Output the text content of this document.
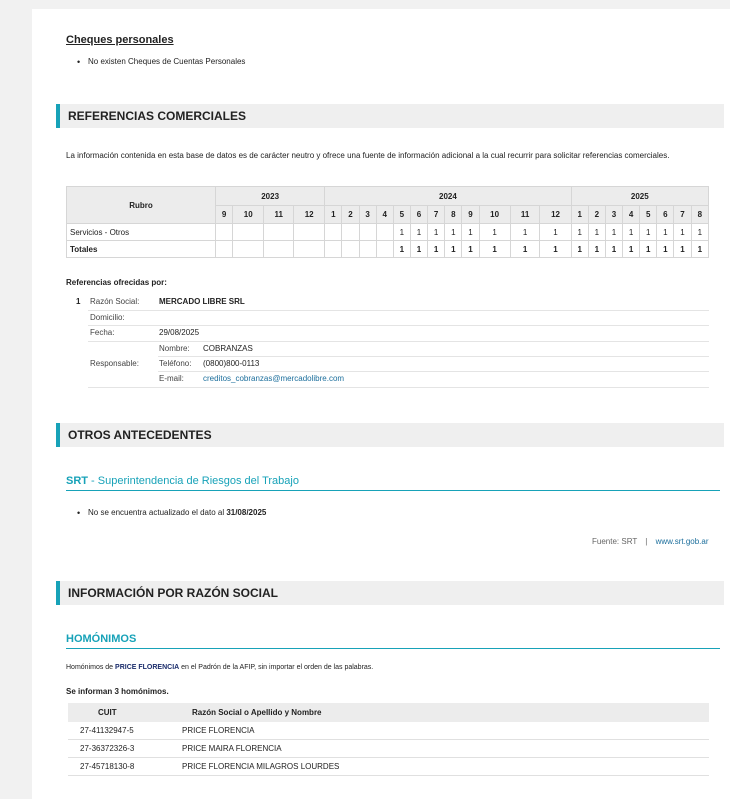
Cheques personales
• No existen Cheques de Cuentas Personales
REFERENCIAS COMERCIALES
La información contenida en esta base de datos es de carácter neutro y ofrece una fuente de información adicional a la cual recurrir para solicitar referencias comerciales.
Rubro	2023				2024												2025							
	9	10	11	12	1	2	3	4	5	6	7	8	9	10	11	12	1	2	3	4	5	6	7	8
Servicios - Otros									1	1	1	1	1	1	1	1	1	1	1	1	1	1	1	1
Totales									1	1	1	1	1	1	1	1	1	1	1	1	1	1	1	1
Referencias ofrecidas por:
1 Razón Social: MERCADO LIBRE SRL
Domicilio:
Fecha:	29/08/2025
Nombre: COBRANZAS
Responsable:	Teléfono: (0800)800-0113
E-mail: creditos_cobranzas@mercadolibre.com
OTROS ANTECEDENTES
SRT - Superintendencia de Riesgos del Trabajo
• No se encuentra actualizado el dato al 31/08/2025
Fuente: SRT | www.srt.gob.ar
INFORMACIÓN POR RAZÓN SOCIAL
HOMÓNIMOS
Homónimos de PRICE FLORENCIA en el Padrón de la AFIP, sin importar el orden de las palabras.
Se informan 3 homónimos.
CUIT	Razón Social o Apellido y Nombre
27-41132947-5	PRICE FLORENCIA
27-36372326-3	PRICE MAIRA FLORENCIA
27-45718130-8	PRICE FLORENCIA MILAGROS LOURDES
